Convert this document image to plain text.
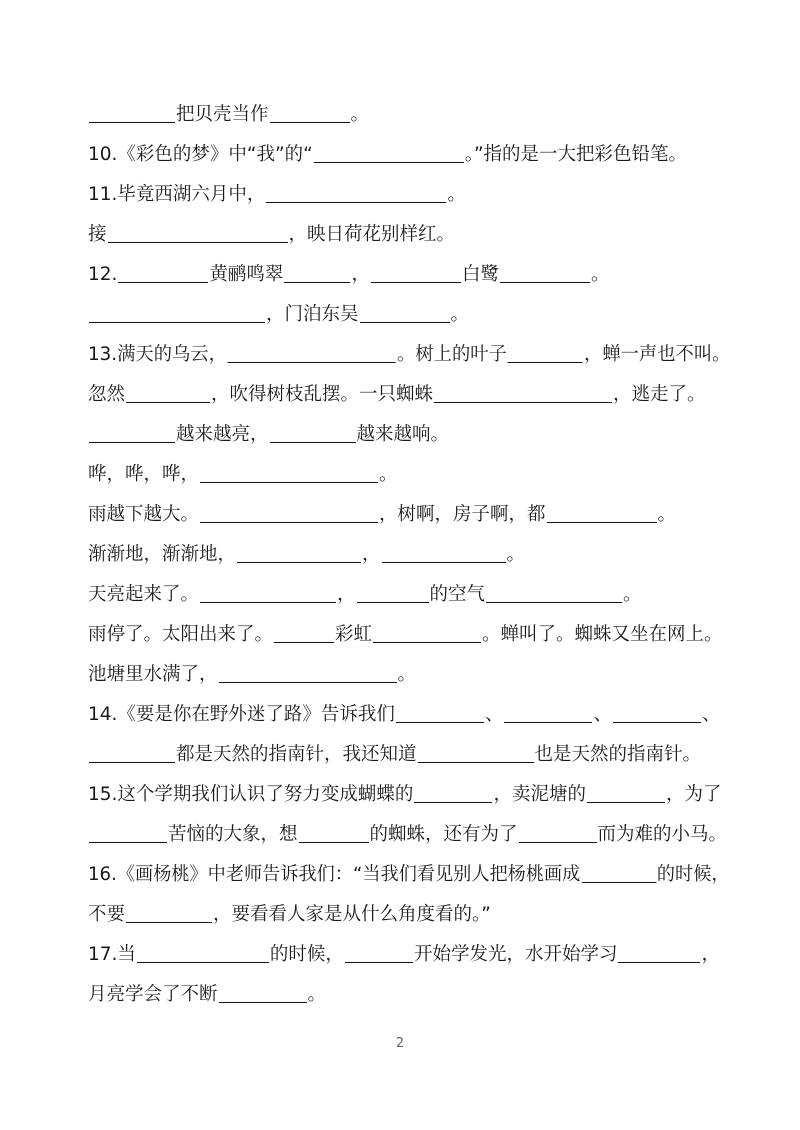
把贝壳当作	。
10.《彩色的梦》中“我”的“	。”指的是一大把彩色铅笔。
11.毕竟西湖六月中，	。
接	，映日荷花别样红。
12.	黄鹂鸣翠	，	白鹭	。
，门泊东吴	。
13.满天的乌云，	。树上的叶子	，蝉一声也不叫。
忽然	，吹得树枝乱摆。一只蜘蛛	，逃走了。
越来越亮，	越来越响。
哗，哗，哗，	。
雨越下越大。	，树啊，房子啊，都	。
渐渐地，渐渐地，	，	。
天亮起来了。	，	的空气	。
雨停了。太阳出来了。	彩虹	。蝉叫了。蜘蛛又坐在网上。
池塘里水满了，	。
14.《要是你在野外迷了路》告诉我们	、	、	、
都是天然的指南针，我还知道	也是天然的指南针。
15.这个学期我们认识了努力变成蝴蝶的	，卖泥塘的	，为了
苦恼的大象，想	的蜘蛛，还有为了	而为难的小马。
16.《画杨桃》中老师告诉我们：“当我们看见别人把杨桃画成	的时候，
不要	，要看看人家是从什么角度看的。”
17.当	的时候，	开始学发光，水开始学习	，
月亮学会了不断	。
2
